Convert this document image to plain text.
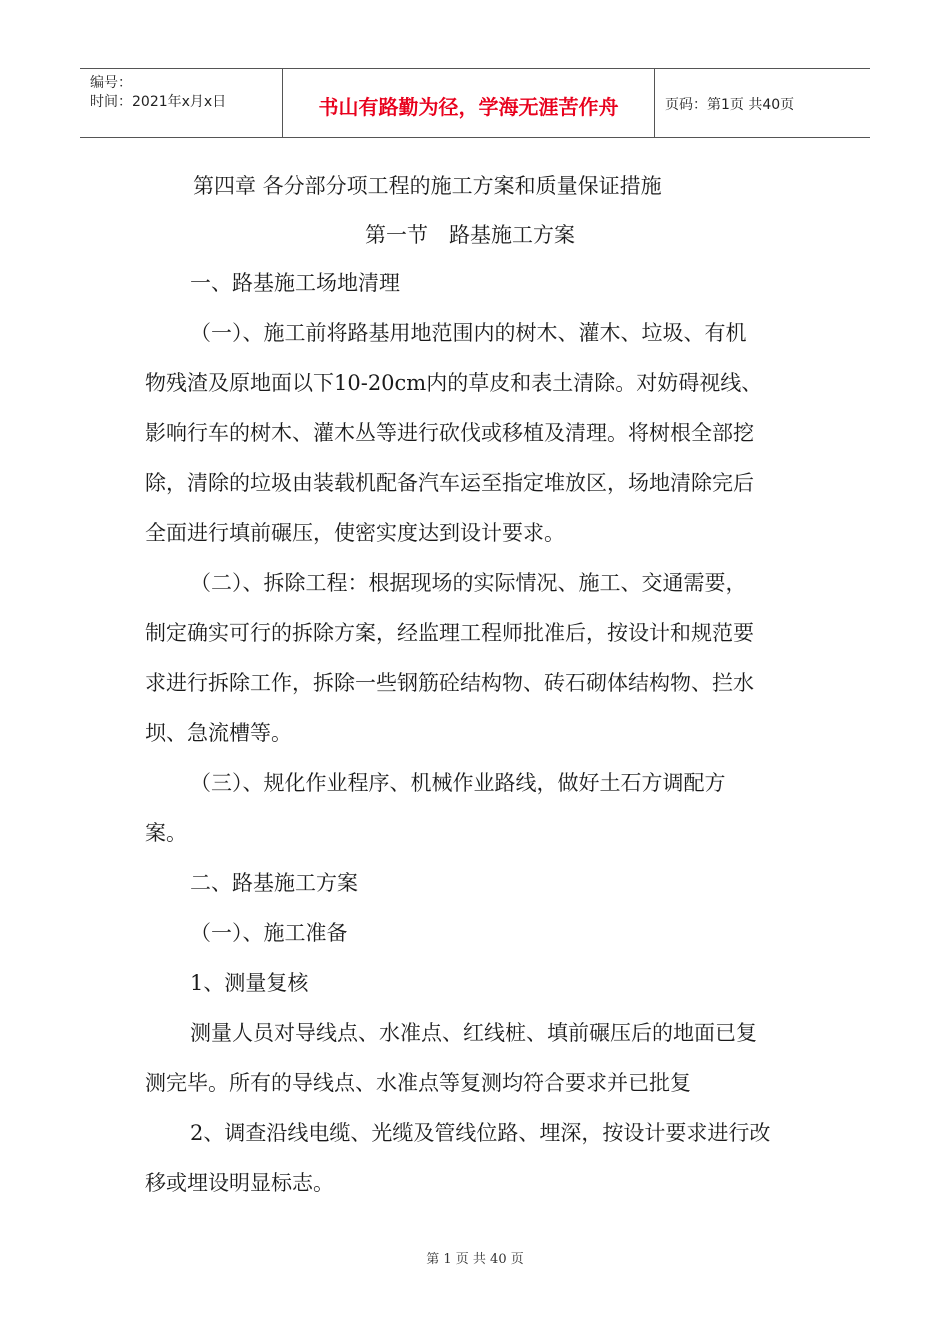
编号：
时间：2021年x月x日	书山有路勤为径，学海无涯苦作舟	页码：第1页 共40页
第四章 各分部分项工程的施工方案和质量保证措施
第一节　路基施工方案
一、路基施工场地清理
（一）、施工前将路基用地范围内的树木、灌木、垃圾、有机
物残渣及原地面以下10-20cm内的草皮和表土清除。对妨碍视线、
影响行车的树木、灌木丛等进行砍伐或移植及清理。将树根全部挖
除，清除的垃圾由装载机配备汽车运至指定堆放区，场地清除完后
全面进行填前碾压，使密实度达到设计要求。
（二）、拆除工程：根据现场的实际情况、施工、交通需要，
制定确实可行的拆除方案，经监理工程师批准后，按设计和规范要
求进行拆除工作，拆除一些钢筋砼结构物、砖石砌体结构物、拦水
坝、急流槽等。
（三）、规化作业程序、机械作业路线，做好土石方调配方
案。
二、路基施工方案
（一）、施工准备
1、测量复核
测量人员对导线点、水准点、红线桩、填前碾压后的地面已复
测完毕。所有的导线点、水准点等复测均符合要求并已批复
2、调查沿线电缆、光缆及管线位路、埋深，按设计要求进行改
移或埋设明显标志。
第 1 页 共 40 页
